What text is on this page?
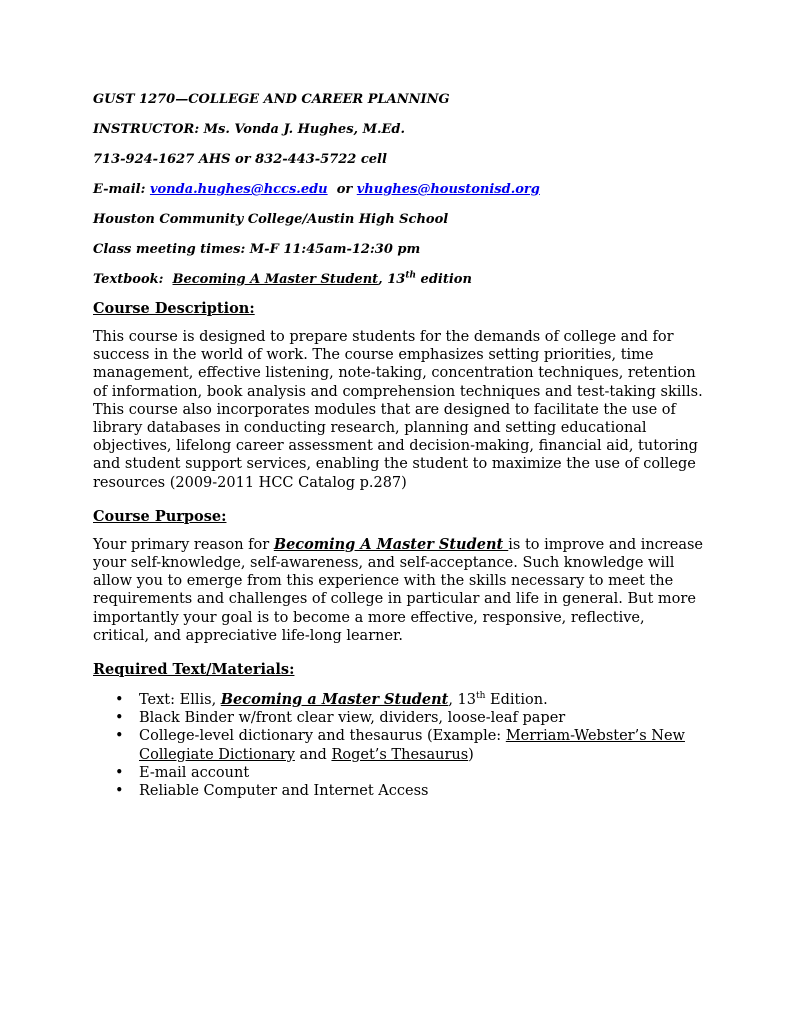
GUST 1270—COLLEGE AND CAREER PLANNING

INSTRUCTOR: Ms. Vonda J. Hughes, M.Ed.

713-924-1627 AHS or 832-443-5722 cell

E-mail: vonda.hughes@hccs.edu  or vhughes@houstonisd.org

Houston Community College/Austin High School

Class meeting times: M-F 11:45am-12:30 pm

Textbook:  Becoming A Master Student, 13th edition

Course Description:

This course is designed to prepare students for the demands of college and for success in the world of work. The course emphasizes setting priorities, time management, effective listening, note-taking, concentration techniques, retention of information, book analysis and comprehension techniques and test-taking skills. This course also incorporates modules that are designed to facilitate the use of library databases in conducting research, planning and setting educational objectives, lifelong career assessment and decision-making, financial aid, tutoring and student support services, enabling the student to maximize the use of college resources (2009-2011 HCC Catalog p.287)

Course Purpose:

Your primary reason for Becoming A Master Student is to improve and increase your self-knowledge, self-awareness, and self-acceptance. Such knowledge will allow you to emerge from this experience with the skills necessary to meet the requirements and challenges of college in particular and life in general. But more importantly your goal is to become a more effective, responsive, reflective, critical, and appreciative life-long learner.

Required Text/Materials:
• Text: Ellis, Becoming a Master Student, 13th Edition.
• Black Binder w/front clear view, dividers, loose-leaf paper
• College-level dictionary and thesaurus (Example: Merriam-Webster’s New Collegiate Dictionary and Roget’s Thesaurus)
• E-mail account
• Reliable Computer and Internet Access
